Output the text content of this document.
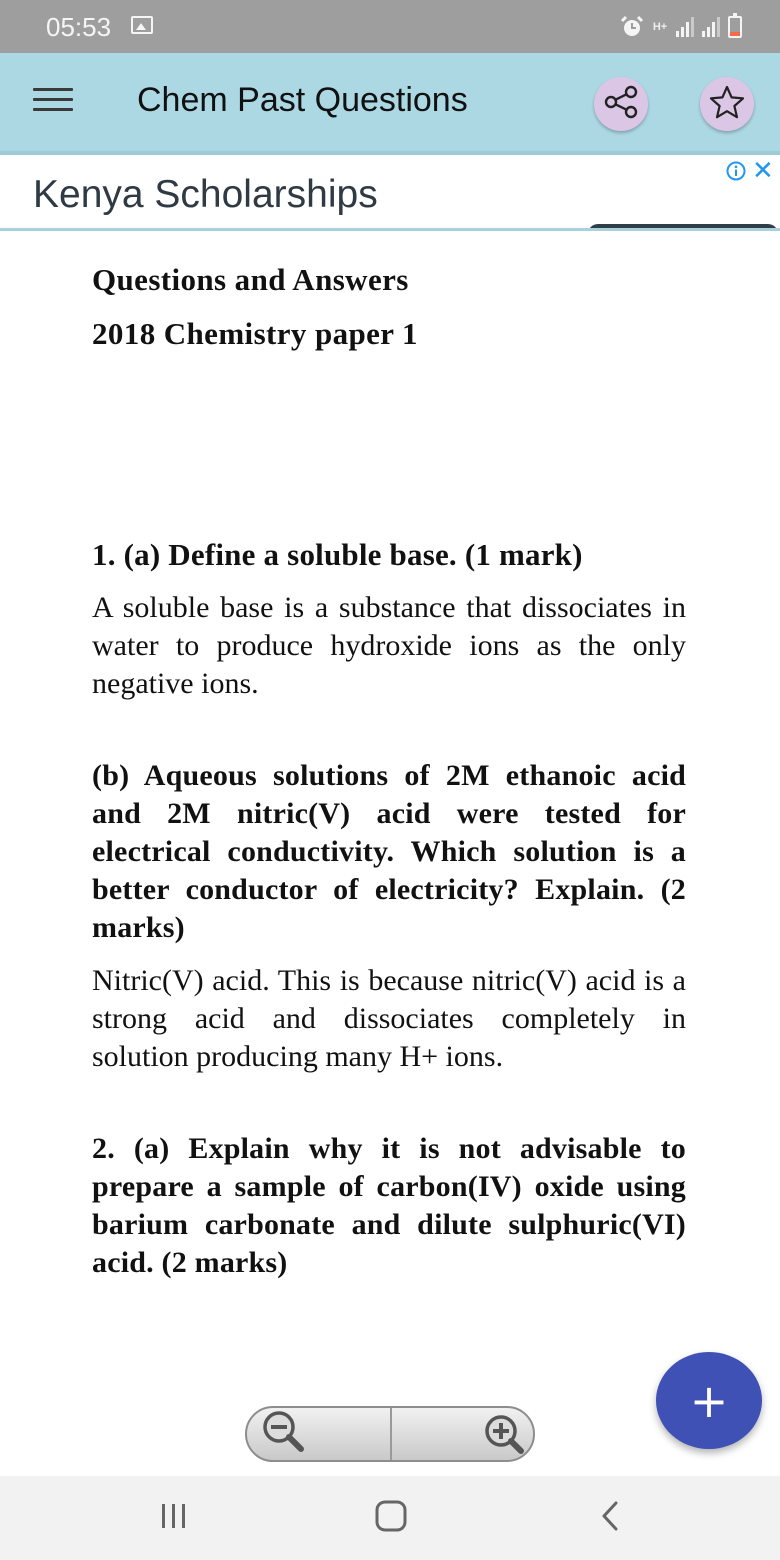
05:53	H+
Chem Past Questions
Kenya Scholarships
✕
Questions and Answers
2018 Chemistry paper 1
1. (a) Define a soluble base. (1 mark)
A soluble base is a substance that dissociates in water to produce hydroxide ions as the only negative ions.
(b) Aqueous solutions of 2M ethanoic acid and 2M nitric(V) acid were tested for electrical conductivity. Which solution is a better conductor of electricity? Explain. (2 marks)
Nitric(V) acid. This is because nitric(V) acid is a strong acid and dissociates completely in solution producing many H+ ions.
2. (a) Explain why it is not advisable to prepare a sample of carbon(IV) oxide using barium carbonate and dilute sulphuric(VI) acid. (2 marks)
+
